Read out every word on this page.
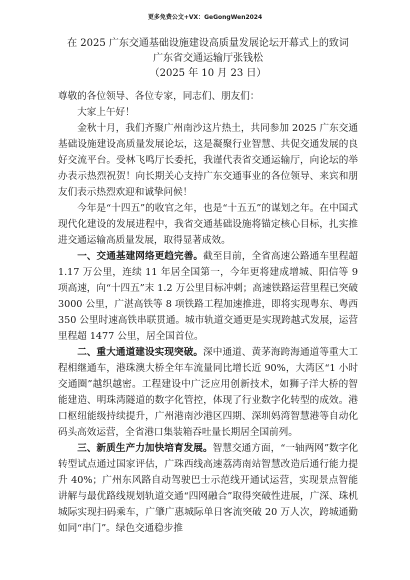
更多免费公文+VX：GeGongWen2024
在 2025 广东交通基础设施建设高质量发展论坛开幕式上的致词
广东省交通运输厅张钱松
（2025 年 10 月 23 日）

尊敬的各位领导、各位专家，同志们、朋友们：

大家上午好！

金秋十月，我们齐聚广州南沙这片热土，共同参加 2025 广东交通基础设施建设高质量发展论坛，这是凝聚行业智慧、共促交通发展的良好交流平台。受林飞鸣厅长委托，我谨代表省交通运输厅，向论坛的举办表示热烈祝贺！向长期关心支持广东交通事业的各位领导、来宾和朋友们表示热烈欢迎和诚挚问候！

今年是“十四五”的收官之年，也是“十五五”的谋划之年。在中国式现代化建设的发展进程中，我省交通基础设施将锚定核心目标，扎实推进交通运输高质量发展，取得显著成效。

一、交通基建网络更趋完善。截至目前，全省高速公路通车里程超 1.17 万公里，连续 11 年居全国第一，今年更将建成增城、阳信等 9 项高速，向“十四五”末 1.2 万公里目标冲刺；高速铁路运营里程已突破 3000 公里，广湛高铁等 8 项铁路工程加速推进，即将实现粤东、粤西 350 公里时速高铁串联贯通。城市轨道交通更是实现跨越式发展，运营里程超 1477 公里，居全国首位。

二、重大通道建设实现突破。深中通道、黄茅海跨海通道等重大工程相继通车，港珠澳大桥全年车流量同比增长近 90%，大湾区“1 小时交通圈”越织越密。工程建设中广泛应用创新技术，如狮子洋大桥的智能建造、明珠湾隧道的数字化管控，体现了行业数字化转型的成效。港口枢纽能级持续提升，广州港南沙港区四期、深圳妈湾智慧港等自动化码头高效运营，全省港口集装箱吞吐量长期居全国前列。

三、新质生产力加快培育发展。智慧交通方面，“一轴两网”数字化转型试点通过国家评估，广珠西线高速荔湾南站智慧改造后通行能力提升 40%；广州东风路自动驾驶巴士示范线开通试运营，实现景点智能讲解与最优路线规划轨道交通“四网融合”取得突破性进展，广深、珠机城际实现扫码乘车，广肇广惠城际单日客流突破 20 万人次，跨城通勤如同“串门”。绿色交通稳步推
